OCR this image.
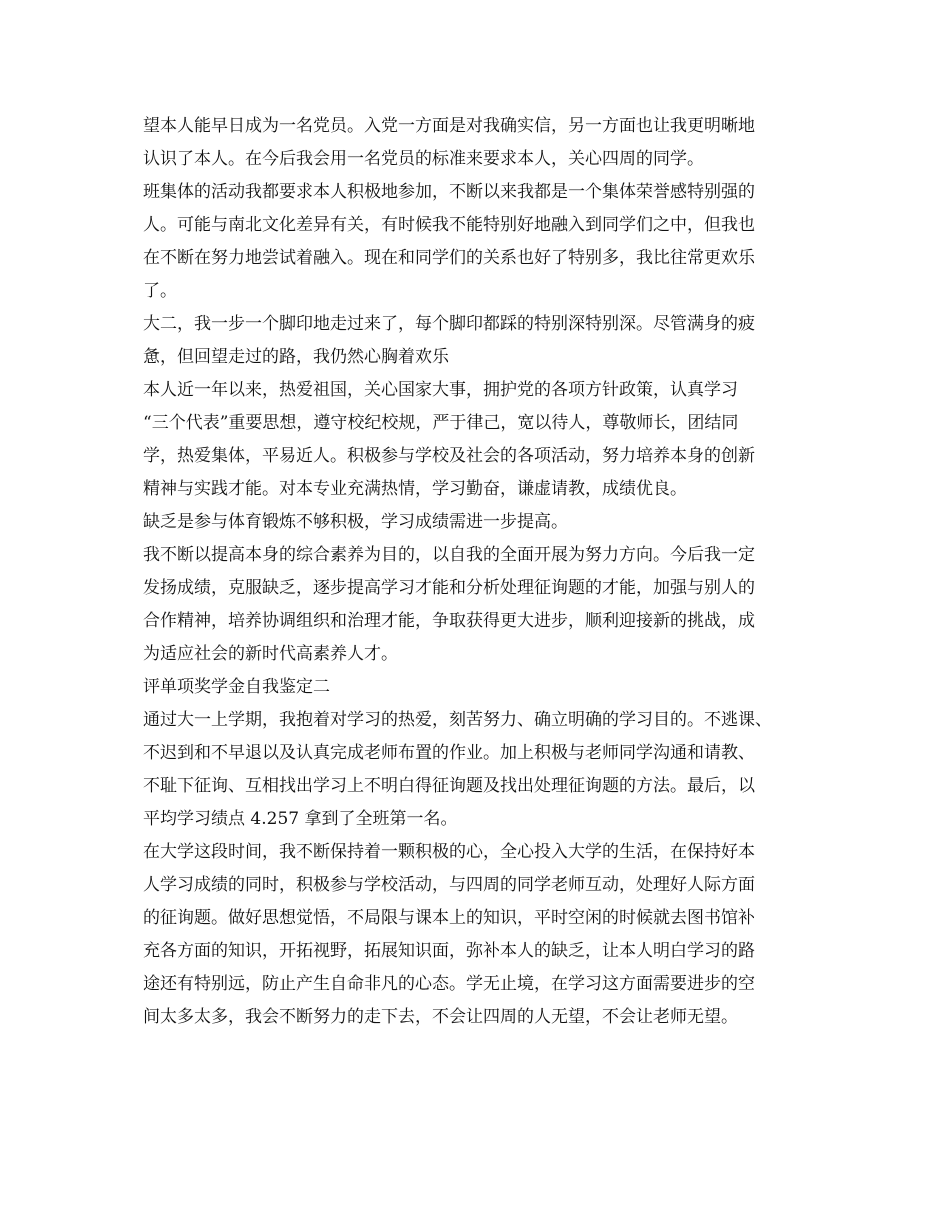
望本人能早日成为一名党员。入党一方面是对我确实信，另一方面也让我更明晰地
认识了本人。在今后我会用一名党员的标准来要求本人，关心四周的同学。
班集体的活动我都要求本人积极地参加，不断以来我都是一个集体荣誉感特别强的
人。可能与南北文化差异有关，有时候我不能特别好地融入到同学们之中，但我也
在不断在努力地尝试着融入。现在和同学们的关系也好了特别多，我比往常更欢乐
了。
大二，我一步一个脚印地走过来了，每个脚印都踩的特别深特别深。尽管满身的疲
惫，但回望走过的路，我仍然心胸着欢乐
本人近一年以来，热爱祖国，关心国家大事，拥护党的各项方针政策，认真学习
“三个代表”重要思想，遵守校纪校规，严于律己，宽以待人，尊敬师长，团结同
学，热爱集体，平易近人。积极参与学校及社会的各项活动，努力培养本身的创新
精神与实践才能。对本专业充满热情，学习勤奋，谦虚请教，成绩优良。
缺乏是参与体育锻炼不够积极，学习成绩需进一步提高。
我不断以提高本身的综合素养为目的，以自我的全面开展为努力方向。今后我一定
发扬成绩，克服缺乏，逐步提高学习才能和分析处理征询题的才能，加强与别人的
合作精神，培养协调组织和治理才能，争取获得更大进步，顺利迎接新的挑战，成
为适应社会的新时代高素养人才。
评单项奖学金自我鉴定二
通过大一上学期，我抱着对学习的热爱，刻苦努力、确立明确的学习目的。不逃课、
不迟到和不早退以及认真完成老师布置的作业。加上积极与老师同学沟通和请教、
不耻下征询、互相找出学习上不明白得征询题及找出处理征询题的方法。最后，以
平均学习绩点 4.257 拿到了全班第一名。
在大学这段时间，我不断保持着一颗积极的心，全心投入大学的生活，在保持好本
人学习成绩的同时，积极参与学校活动，与四周的同学老师互动，处理好人际方面
的征询题。做好思想觉悟，不局限与课本上的知识，平时空闲的时候就去图书馆补
充各方面的知识，开拓视野，拓展知识面，弥补本人的缺乏，让本人明白学习的路
途还有特别远，防止产生自命非凡的心态。学无止境，在学习这方面需要进步的空
间太多太多，我会不断努力的走下去，不会让四周的人无望，不会让老师无望。
